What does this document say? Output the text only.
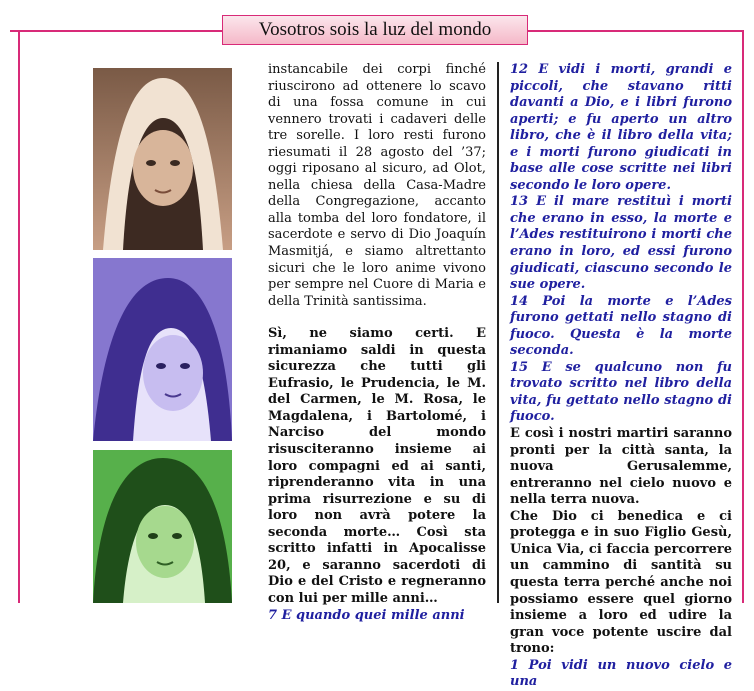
Vosotros sois la luz del mondo

instancabile dei corpi finché riuscirono ad ottenere lo scavo di una fossa comune in cui vennero trovati i cadaveri delle tre sorelle. I loro resti furono riesumati il 28 agosto del ’37; oggi riposano al sicuro, ad Olot, nella chiesa della Casa-Madre della Congregazione, accanto alla tomba del loro fondatore, il sacerdote e servo di Dio Joaquín Masmitjá, e siamo altrettanto sicuri che le loro anime vivono per sempre nel Cuore di Maria e della Trinità santissima.

Sì, ne siamo certi. E rimaniamo saldi in questa sicurezza che tutti gli Eufrasio, le Prudencia, le M. del Carmen, le M. Rosa, le Magdalena, i Bartolomé, i Narciso del mondo risusciteranno insieme ai loro compagni ed ai santi, riprenderanno vita in una prima risurrezione e su di loro non avrà potere la seconda morte… Così sta scritto infatti in Apocalisse 20, e saranno sacerdoti di Dio e del Cristo e regneranno con lui per mille anni…

7 E quando quei mille anni

12 E vidi i morti, grandi e piccoli, che stavano ritti davanti a Dio, e i libri furono aperti; e fu aperto un altro libro, che è il libro della vita; e i morti furono giudicati in base alle cose scritte nei libri secondo le loro opere.

13 E il mare restituì i morti che erano in esso, la morte e l’Ades restituirono i morti che erano in loro, ed essi furono giudicati, ciascuno secondo le sue opere.

14 Poi la morte e l’Ades furono gettati nello stagno di fuoco. Questa è la morte seconda.

15 E se qualcuno non fu trovato scritto nel libro della vita, fu gettato nello stagno di fuoco.

E così i nostri martiri saranno pronti per la città santa, la nuova Gerusalemme, entreranno nel cielo nuovo e nella terra nuova.

Che Dio ci benedica e ci protegga e in suo Figlio Gesù, Unica Via, ci faccia percorrere un cammino di santità su questa terra perché anche noi possiamo essere quel giorno insieme a loro ed udire la gran voce potente uscire dal trono:

1 Poi vidi un nuovo cielo e una
